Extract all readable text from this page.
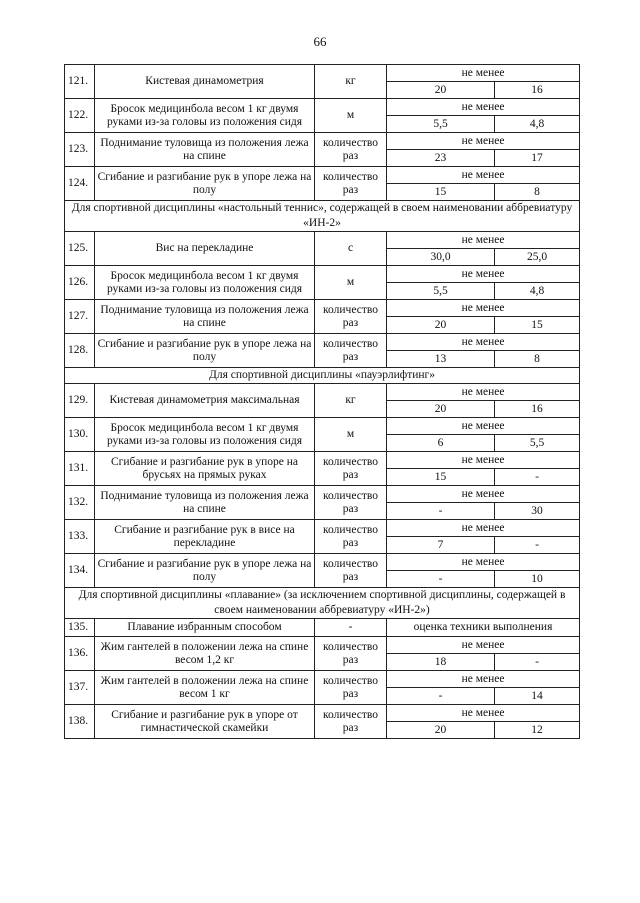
66
121.	Кистевая динамометрия	кг	не менее	
			20	16
122.	Бросок медицинбола весом 1 кг двумя руками из-за головы из положения сидя	м	не менее	
			5,5	4,8
123.	Поднимание туловища из положения лежа на спине	количество раз	не менее	
			23	17
124.	Сгибание и разгибание рук в упоре лежа на полу	количество раз	не менее	
			15	8
Для спортивной дисциплины «настольный теннис», содержащей в своем наименовании аббревиатуру «ИН-2»				
125.	Вис на перекладине	с	не менее	
			30,0	25,0
126.	Бросок медицинбола весом 1 кг двумя руками из-за головы из положения сидя	м	не менее	
			5,5	4,8
127.	Поднимание туловища из положения лежа на спине	количество раз	не менее	
			20	15
128.	Сгибание и разгибание рук в упоре лежа на полу	количество раз	не менее	
			13	8
Для спортивной дисциплины «пауэрлифтинг»				
129.	Кистевая динамометрия максимальная	кг	не менее	
			20	16
130.	Бросок медицинбола весом 1 кг двумя руками из-за головы из положения сидя	м	не менее	
			6	5,5
131.	Сгибание и разгибание рук в упоре на брусьях на прямых руках	количество раз	не менее	
			15	-
132.	Поднимание туловища из положения лежа на спине	количество раз	не менее	
			-	30
133.	Сгибание и разгибание рук в висе на перекладине	количество раз	не менее	
			7	-
134.	Сгибание и разгибание рук в упоре лежа на полу	количество раз	не менее	
			-	10
Для спортивной дисциплины «плавание» (за исключением спортивной дисциплины, содержащей в своем наименовании аббревиатуру «ИН-2»)				
135.	Плавание избранным способом	-	оценка техники выполнения	
136.	Жим гантелей в положении лежа на спине весом 1,2 кг	количество раз	не менее	
			18	-
137.	Жим гантелей в положении лежа на спине весом 1 кг	количество раз	не менее	
			-	14
138.	Сгибание и разгибание рук в упоре от гимнастической скамейки	количество раз	не менее	
			20	12
